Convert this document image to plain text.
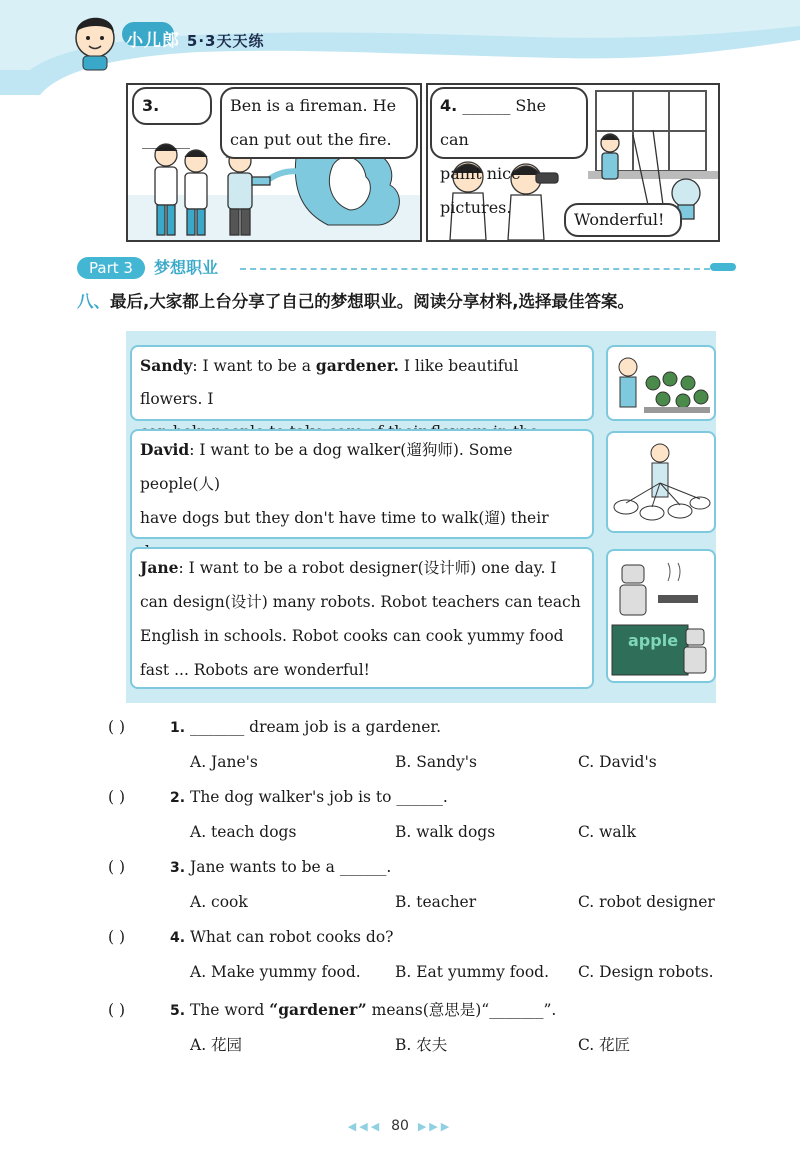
小儿郎 5·3天天练
3. ______
Ben is a fireman. He
can put out the fire.
4. ______ She can
paint nice pictures.
Wonderful!
Part 3 梦想职业
八、最后,大家都上台分享了自己的梦想职业。阅读分享材料,选择最佳答案。

Sandy: I want to be a gardener. I like beautiful flowers. I

David: I want to be a dog walker(遛狗师). Some people(人)

have dogs but they don't have time to walk(遛) their

Jane: I want to be a robot designer(设计师) one day. I

can design(设计) many robots. Robot teachers can teach

English in schools. Robot cooks can cook yummy food

fast ... Robots are wonderful!

apple
( )	1. _______ dream job is a gardener.
A. Jane's	B. Sandy's	C. David's
( )	2. The dog walker's job is to ______.
A. teach dogs	B. walk dogs	C. walk
( )	3. Jane wants to be a ______.
A. cook	B. teacher	C. robot designer
( )	4. What can robot cooks do?
A. Make yummy food. B. Eat yummy food. C. Design robots.
( )	5. The word “gardener” means(意思是)“_______”.
A. 花园	B. 农夫	C. 花匠
◀◀◀ 80 ▶▶▶
